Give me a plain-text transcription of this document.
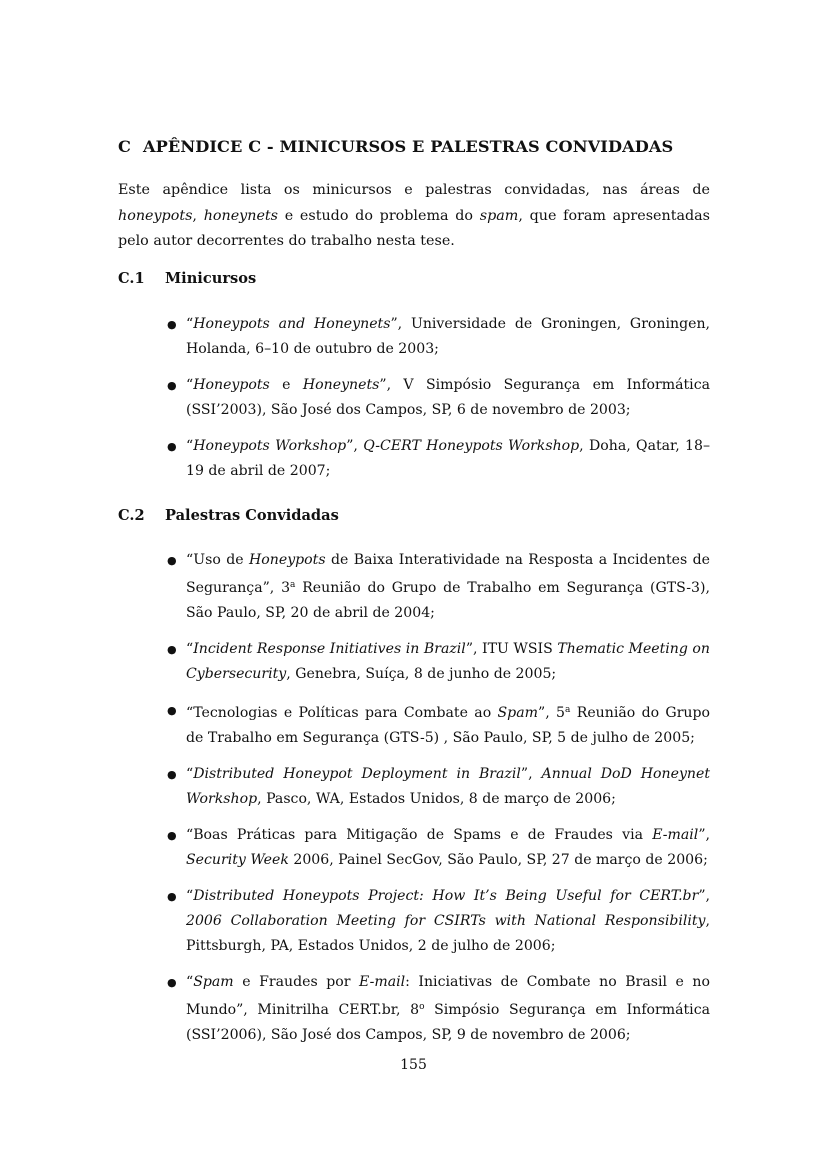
C APÊNDICE C - MINICURSOS E PALESTRAS CONVIDADAS
Este apêndice lista os minicursos e palestras convidadas, nas áreas de honeypots, honeynets e estudo do problema do spam, que foram apresentadas pelo autor decorrentes do trabalho nesta tese.
C.1 Minicursos
● “Honeypots and Honeynets”, Universidade de Groningen, Groningen, Holanda, 6–10 de outubro de 2003;
● “Honeypots e Honeynets”, V Simpósio Segurança em Informática (SSI’2003), São José dos Campos, SP, 6 de novembro de 2003;
● “Honeypots Workshop”, Q-CERT Honeypots Workshop, Doha, Qatar, 18–19 de abril de 2007;
C.2 Palestras Convidadas
● “Uso de Honeypots de Baixa Interatividade na Resposta a Incidentes de Segurança”, 3$^a$ Reunião do Grupo de Trabalho em Segurança (GTS-3), São Paulo, SP, 20 de abril de 2004;
● “Incident Response Initiatives in Brazil”, ITU WSIS Thematic Meeting on Cybersecurity, Genebra, Suíça, 8 de junho de 2005;
● “Tecnologias e Políticas para Combate ao Spam”, 5$^a$ Reunião do Grupo de Trabalho em Segurança (GTS-5) , São Paulo, SP, 5 de julho de 2005;
● “Distributed Honeypot Deployment in Brazil”, Annual DoD Honeynet Workshop, Pasco, WA, Estados Unidos, 8 de março de 2006;
● “Boas Práticas para Mitigação de Spams e de Fraudes via E-mail”, Security Week 2006, Painel SecGov, São Paulo, SP, 27 de março de 2006;
● “Distributed Honeypots Project: How It’s Being Useful for CERT.br”, 2006 Collaboration Meeting for CSIRTs with National Responsibility, Pittsburgh, PA, Estados Unidos, 2 de julho de 2006;
● “Spam e Fraudes por E-mail: Iniciativas de Combate no Brasil e no Mundo”, Minitrilha CERT.br, 8$^o$ Simpósio Segurança em Informática (SSI’2006), São José dos Campos, SP, 9 de novembro de 2006;
155
